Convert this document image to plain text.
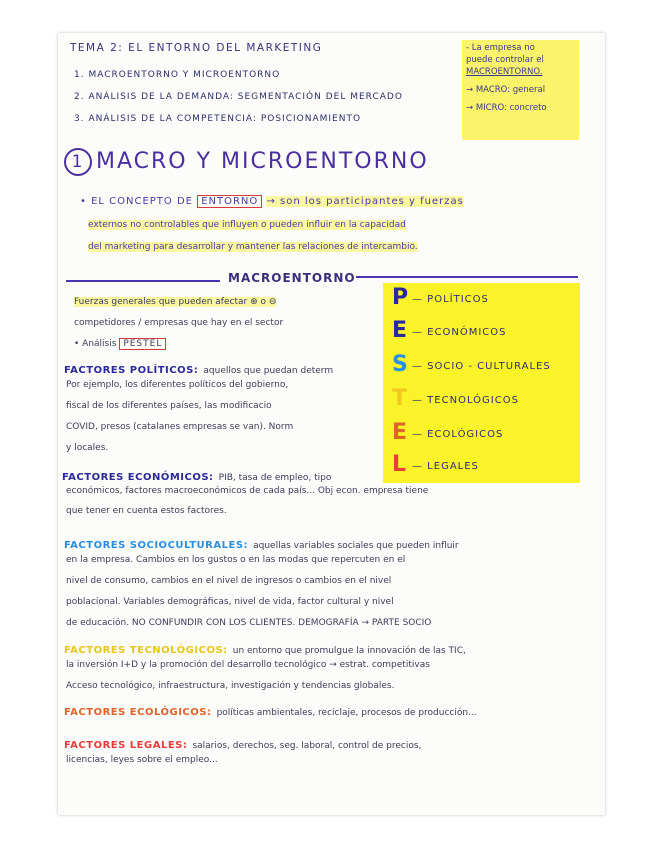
TEMA 2: EL ENTORNO DEL MARKETING
1. MACROENTORNO Y MICROENTORNO
2. ANÁLISIS DE LA DEMANDA: SEGMENTACIÓN DEL MERCADO
3. ANÁLISIS DE LA COMPETENCIA: POSICIONAMIENTO
- La empresa no
puede controlar el
MACROENTORNO.
→ MACRO: general
→ MICRO: concreto
1 MACRO Y MICROENTORNO
• EL CONCEPTO DE ENTORNO → son los participantes y fuerzas
externos no controlables que influyen o pueden influir en la capacidad
del marketing para desarrollar y mantener las relaciones de intercambio.
MACROENTORNO
Fuerzas generales que pueden afectar ⊕ o ⊖
competidores / empresas que hay en el sector
• Análisis PESTEL
P — POLÍTICOS
E — ECONÓMICOS
S — SOCIO - CULTURALES
T — TECNOLÓGICOS
E — ECOLÓGICOS
L — LEGALES
FACTORES POLÍTICOS: aquellos que puedan determ
Por ejemplo, los diferentes políticos del gobierno,
fiscal de los diferentes países, las modificacio
COVID, presos (catalanes empresas se van). Norm
y locales.
FACTORES ECONÓMICOS: PIB, tasa de empleo, tipo
económicos, factores macroeconómicos de cada país... Obj econ. empresa tiene
que tener en cuenta estos factores.
FACTORES SOCIOCULTURALES: aquellas variables sociales que pueden influir
en la empresa. Cambios en los gustos o en las modas que repercuten en el
nivel de consumo, cambios en el nivel de ingresos o cambios en el nivel
poblacional. Variables demográficas, nivel de vida, factor cultural y nivel
de educación. NO CONFUNDIR CON LOS CLIENTES. DEMOGRAFÍA → PARTE SOCIO
FACTORES TECNOLÓGICOS: un entorno que promulgue la innovación de las TIC,
la inversión I+D y la promoción del desarrollo tecnológico → estrat. competitivas
Acceso tecnológico, infraestructura, investigación y tendencias globales.
FACTORES ECOLÓGICOS: políticas ambientales, reciclaje, procesos de producción...
FACTORES LEGALES: salarios, derechos, seg. laboral, control de precios,
licencias, leyes sobre el empleo...
